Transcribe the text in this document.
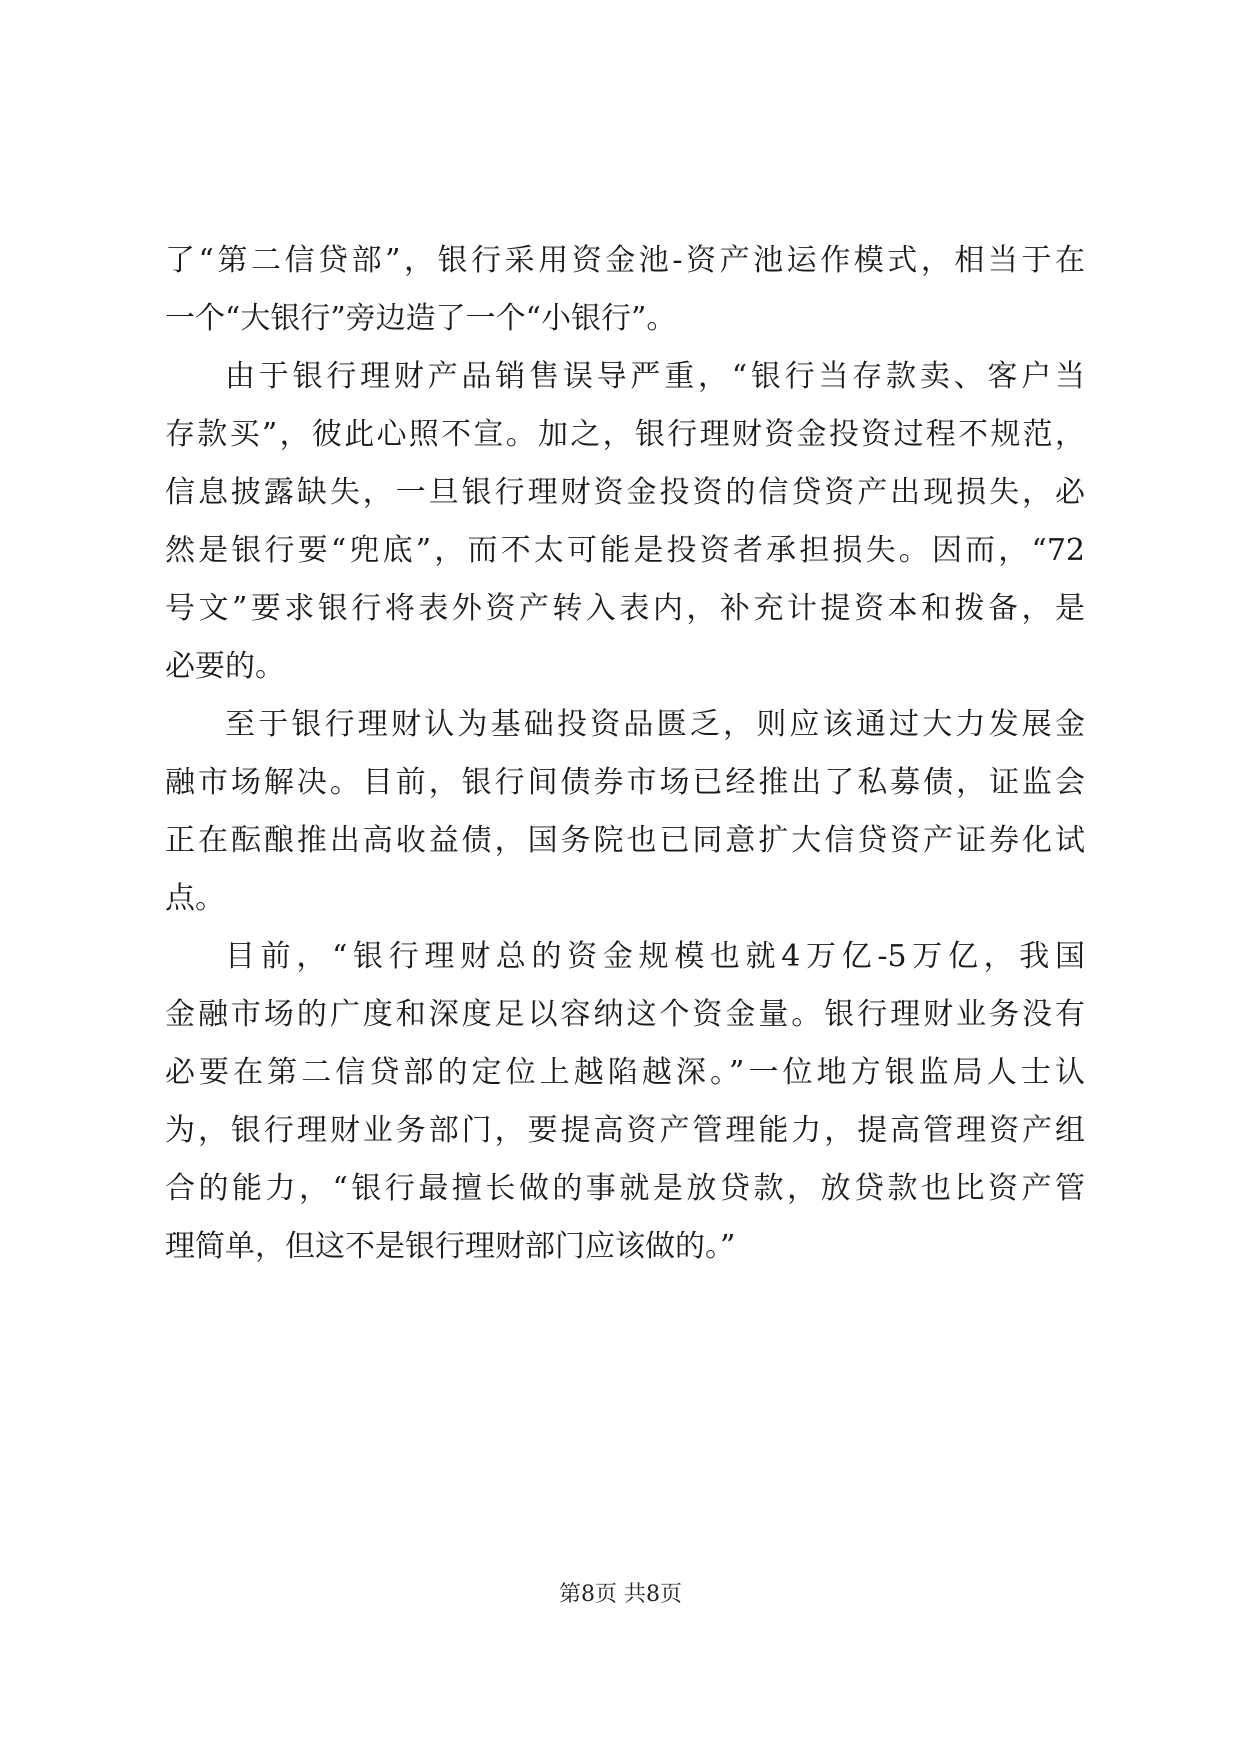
了“第二信贷部”，银行采用资金池-资产池运作模式，相当于在
一个“大银行”旁边造了一个“小银行”。
由于银行理财产品销售误导严重，“银行当存款卖、客户当
存款买”，彼此心照不宣。加之，银行理财资金投资过程不规范，
信息披露缺失，一旦银行理财资金投资的信贷资产出现损失，必
然是银行要“兜底”，而不太可能是投资者承担损失。因而，“72
号文”要求银行将表外资产转入表内，补充计提资本和拨备，是
必要的。
至于银行理财认为基础投资品匮乏，则应该通过大力发展金
融市场解决。目前，银行间债券市场已经推出了私募债，证监会
正在酝酿推出高收益债，国务院也已同意扩大信贷资产证券化试
点。
目前，“银行理财总的资金规模也就4万亿-5万亿，我国
金融市场的广度和深度足以容纳这个资金量。银行理财业务没有
必要在第二信贷部的定位上越陷越深。”一位地方银监局人士认
为，银行理财业务部门，要提高资产管理能力，提高管理资产组
合的能力，“银行最擅长做的事就是放贷款，放贷款也比资产管
理简单，但这不是银行理财部门应该做的。”
第8页 共8页
